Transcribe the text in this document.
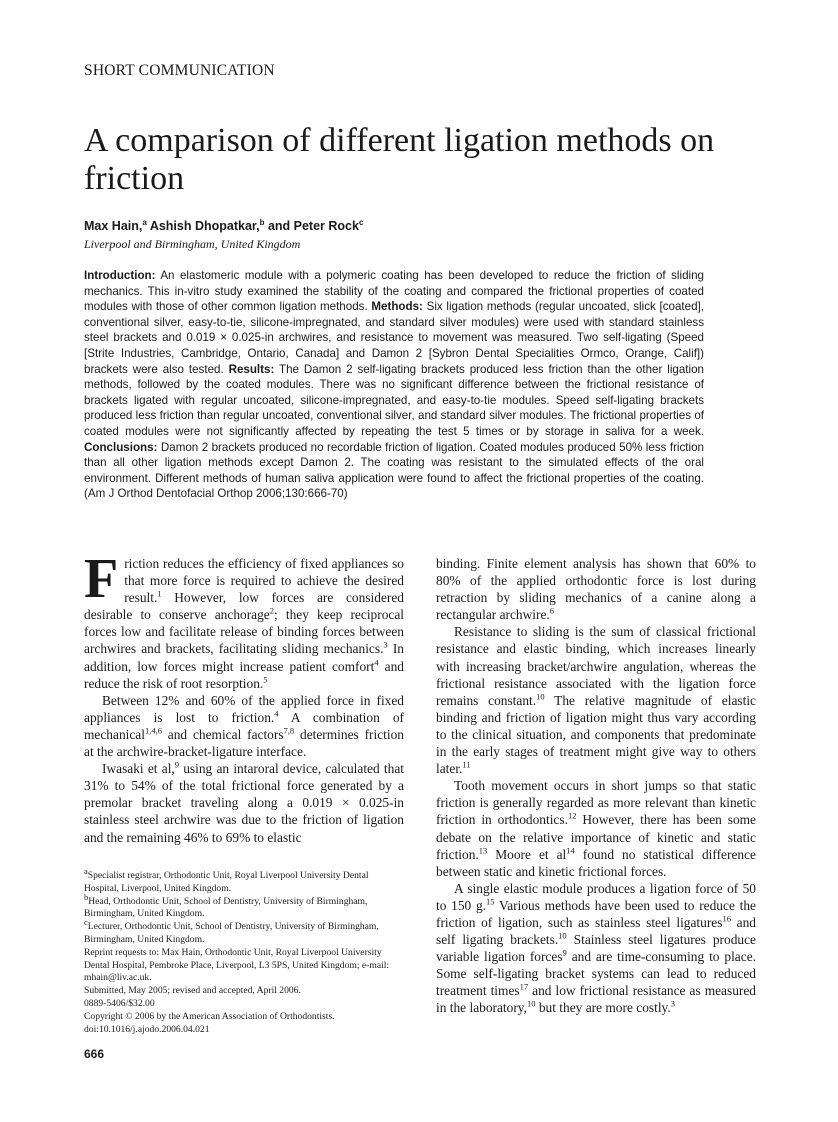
SHORT COMMUNICATION
A comparison of different ligation methods on friction
Max Hain,$^a$ Ashish Dhopatkar,$^b$ and Peter Rock$^c$
Liverpool and Birmingham, United Kingdom
Introduction: An elastomeric module with a polymeric coating has been developed to reduce the friction of sliding mechanics. This in-vitro study examined the stability of the coating and compared the frictional properties of coated modules with those of other common ligation methods. Methods: Six ligation methods (regular uncoated, slick [coated], conventional silver, easy-to-tie, silicone-impregnated, and standard silver modules) were used with standard stainless steel brackets and 0.019 × 0.025-in archwires, and resistance to movement was measured. Two self-ligating (Speed [Strite Industries, Cambridge, Ontario, Canada] and Damon 2 [Sybron Dental Specialities Ormco, Orange, Calif]) brackets were also tested. Results: The Damon 2 self-ligating brackets produced less friction than the other ligation methods, followed by the coated modules. There was no significant difference between the frictional resistance of brackets ligated with regular uncoated, silicone-impregnated, and easy-to-tie modules. Speed self-ligating brackets produced less friction than regular uncoated, conventional silver, and standard silver modules. The frictional properties of coated modules were not significantly affected by repeating the test 5 times or by storage in saliva for a week. Conclusions: Damon 2 brackets produced no recordable friction of ligation. Coated modules produced 50% less friction than all other ligation methods except Damon 2. The coating was resistant to the simulated effects of the oral environment. Different methods of human saliva application were found to affect the frictional properties of the coating. (Am J Orthod Dentofacial Orthop 2006;130:666-70)

Friction reduces the efficiency of fixed appliances so that more force is required to achieve the desired result.$^1$ However, low forces are considered desirable to conserve anchorage$^2$; they keep reciprocal forces low and facilitate release of binding forces between archwires and brackets, facilitating sliding mechanics.$^3$ In addition, low forces might increase patient comfort$^4$ and reduce the risk of root resorption.$^5$

Between 12% and 60% of the applied force in fixed appliances is lost to friction.$^4$ A combination of mechanical$^{1,4,6}$ and chemical factors$^{7,8}$ determines friction at the archwire-bracket-ligature interface.

Iwasaki et al,$^9$ using an intaroral device, calculated that 31% to 54% of the total frictional force generated by a premolar bracket traveling along a 0.019 × 0.025-in stainless steel archwire was due to the friction of ligation and the remaining 46% to 69% to elastic

binding. Finite element analysis has shown that 60% to 80% of the applied orthodontic force is lost during retraction by sliding mechanics of a canine along a rectangular archwire.$^6$

Resistance to sliding is the sum of classical frictional resistance and elastic binding, which increases linearly with increasing bracket/archwire angulation, whereas the frictional resistance associated with the ligation force remains constant.$^{10}$ The relative magnitude of elastic binding and friction of ligation might thus vary according to the clinical situation, and components that predominate in the early stages of treatment might give way to others later.$^{11}$

Tooth movement occurs in short jumps so that static friction is generally regarded as more relevant than kinetic friction in orthodontics.$^{12}$ However, there has been some debate on the relative importance of kinetic and static friction.$^{13}$ Moore et $al^{14}$ found no statistical difference between static and kinetic frictional forces.

A single elastic module produces a ligation force of 50 to 150 g.$^{15}$ Various methods have been used to reduce the friction of ligation, such as stainless steel ligatures$^{16}$ and self ligating brackets.$^{10}$ Stainless steel ligatures produce variable ligation forces$^9$ and are time-consuming to place. Some self-ligating bracket systems can lead to reduced treatment times$^{17}$ and low frictional resistance as measured in the laboratory,$^{10}$ but they are more costly.$^3$

$^a$Specialist registrar, Orthodontic Unit, Royal Liverpool University Dental Hospital, Liverpool, United Kingdom.
$^b$Head, Orthodontic Unit, School of Dentistry, University of Birmingham, Birmingham, United Kingdom.
$^c$Lecturer, Orthodontic Unit, School of Dentistry, University of Birmingham, Birmingham, United Kingdom.
Reprint requests to: Max Hain, Orthodontic Unit, Royal Liverpool University Dental Hospital, Pembroke Place, Liverpool, L3 5PS, United Kingdom; e-mail: mhain@liv.ac.uk.
Submitted, May 2005; revised and accepted, April 2006.
0889-5406/$32.00
Copyright © 2006 by the American Association of Orthodontists.
doi:10.1016/j.ajodo.2006.04.021
666
